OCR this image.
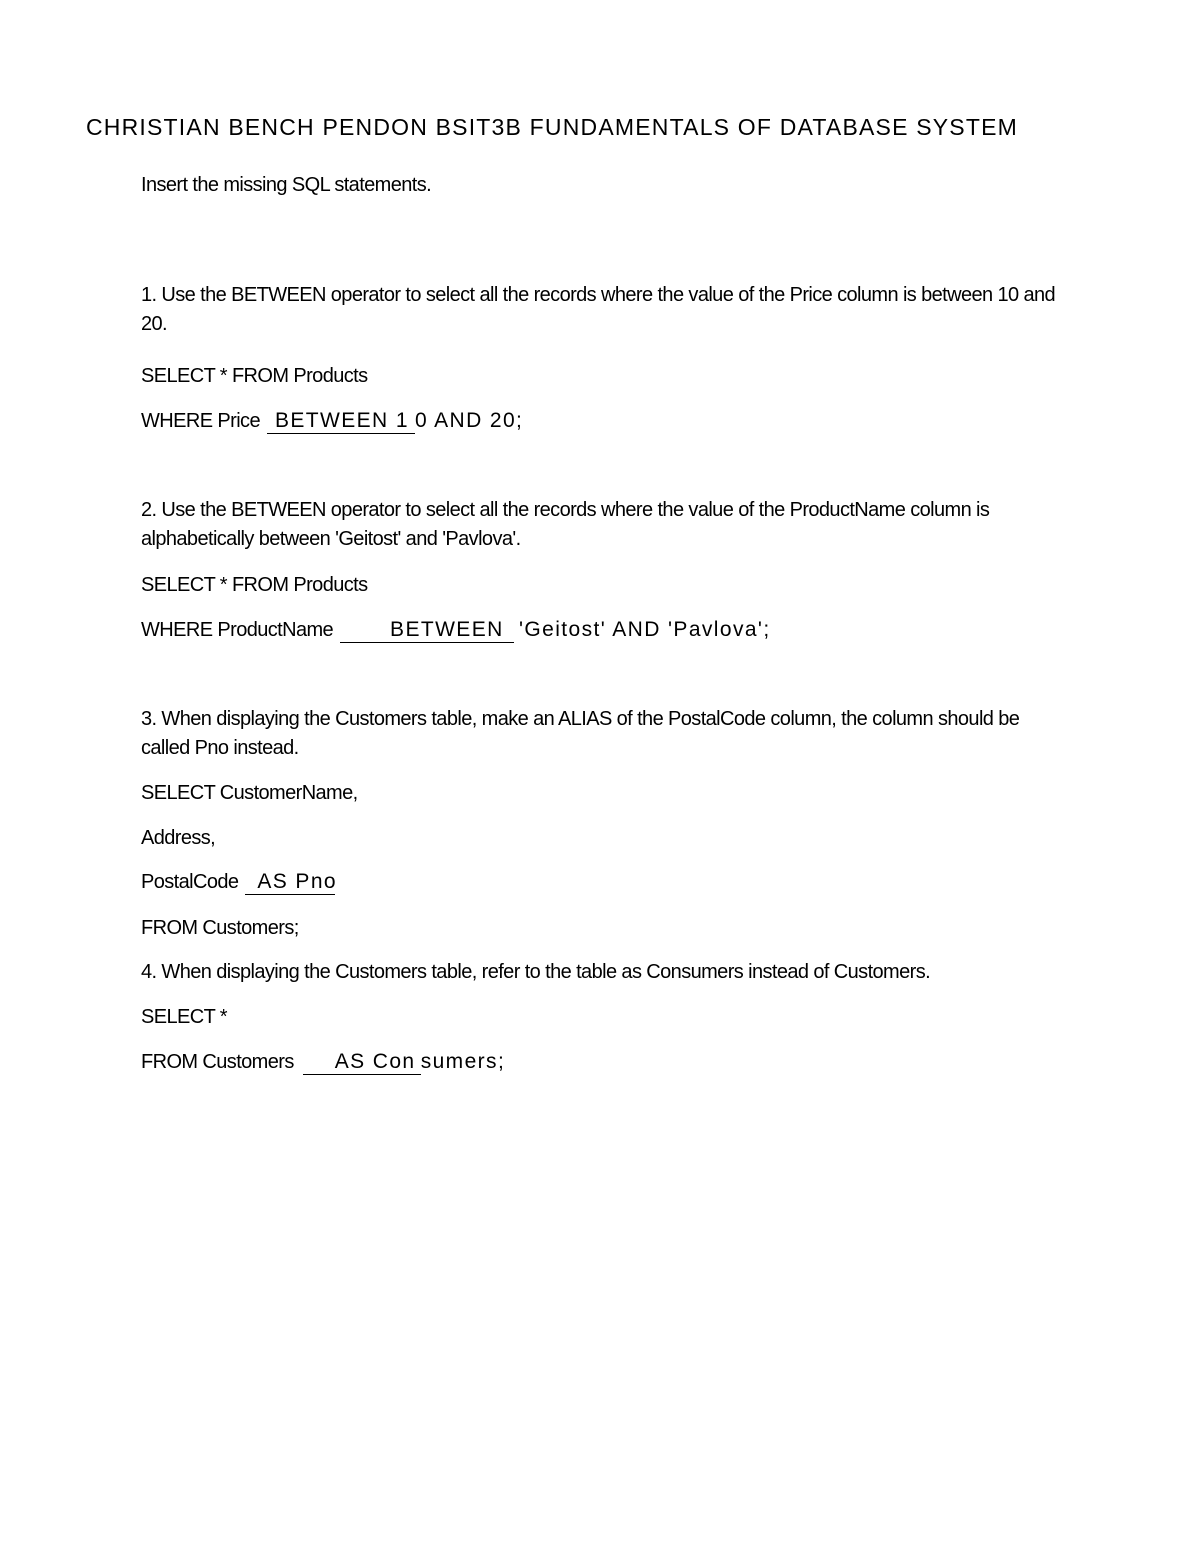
CHRISTIAN BENCH PENDON BSIT3B FUNDAMENTALS OF DATABASE SYSTEM
Insert the missing SQL statements.
1. Use the BETWEEN operator to select all the records where the value of the Price column is between 10 and 20.
SELECT * FROM Products
WHERE Price BETWEEN 1 0 AND 20;
2. Use the BETWEEN operator to select all the records where the value of the ProductName column is alphabetically between 'Geitost' and 'Pavlova'.
SELECT * FROM Products
WHERE ProductName	BETWEEN 'Geitost' AND 'Pavlova';
3. When displaying the Customers table, make an ALIAS of the PostalCode column, the column should be called Pno instead.
SELECT CustomerName,
Address,
PostalCode AS Pno
FROM Customers;
4. When displaying the Customers table, refer to the table as Consumers instead of Customers.
SELECT *
FROM Customers AS Con sumers;
